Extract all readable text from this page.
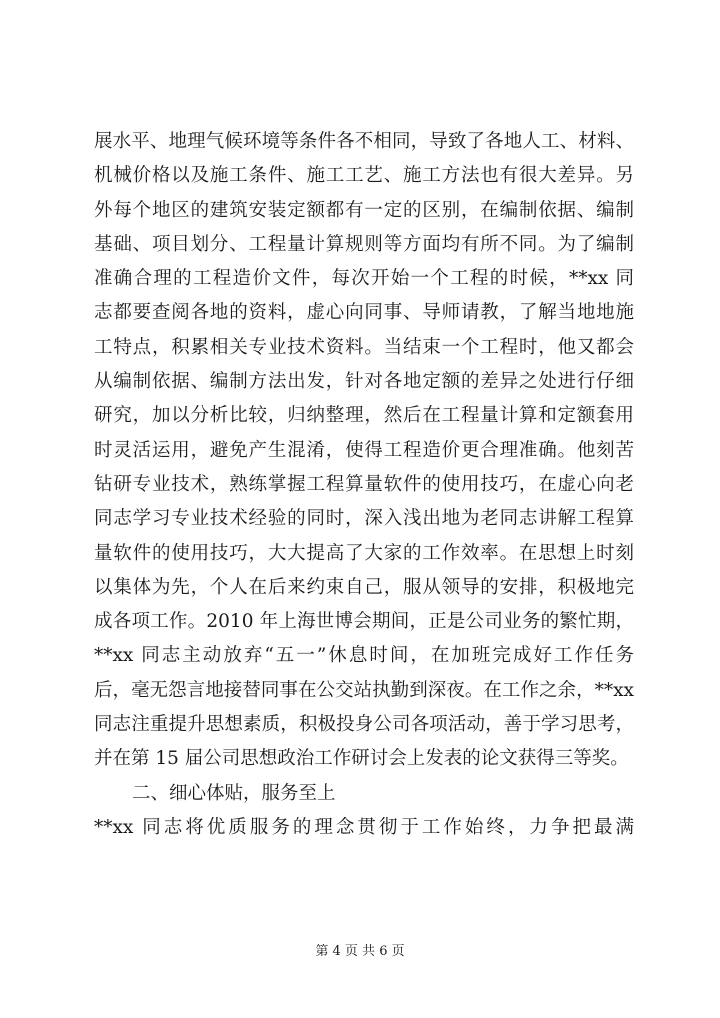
展水平、地理气候环境等条件各不相同，导致了各地人工、材料、
机械价格以及施工条件、施工工艺、施工方法也有很大差异。另
外每个地区的建筑安装定额都有一定的区别，在编制依据、编制
基础、项目划分、工程量计算规则等方面均有所不同。为了编制
准确合理的工程造价文件，每次开始一个工程的时候，**xx 同
志都要查阅各地的资料，虚心向同事、导师请教，了解当地地施
工特点，积累相关专业技术资料。当结束一个工程时，他又都会
从编制依据、编制方法出发，针对各地定额的差异之处进行仔细
研究，加以分析比较，归纳整理，然后在工程量计算和定额套用
时灵活运用，避免产生混淆，使得工程造价更合理准确。他刻苦
钻研专业技术，熟练掌握工程算量软件的使用技巧，在虚心向老
同志学习专业技术经验的同时，深入浅出地为老同志讲解工程算
量软件的使用技巧，大大提高了大家的工作效率。在思想上时刻
以集体为先，个人在后来约束自己，服从领导的安排，积极地完
成各项工作。2010 年上海世博会期间，正是公司业务的繁忙期，
**xx 同志主动放弃“五一”休息时间，在加班完成好工作任务
后，毫无怨言地接替同事在公交站执勤到深夜。在工作之余，**xx
同志注重提升思想素质，积极投身公司各项活动，善于学习思考，
并在第 15 届公司思想政治工作研讨会上发表的论文获得三等奖。
二、细心体贴，服务至上
**xx 同志将优质服务的理念贯彻于工作始终，力争把最满
第 4 页 共 6 页
